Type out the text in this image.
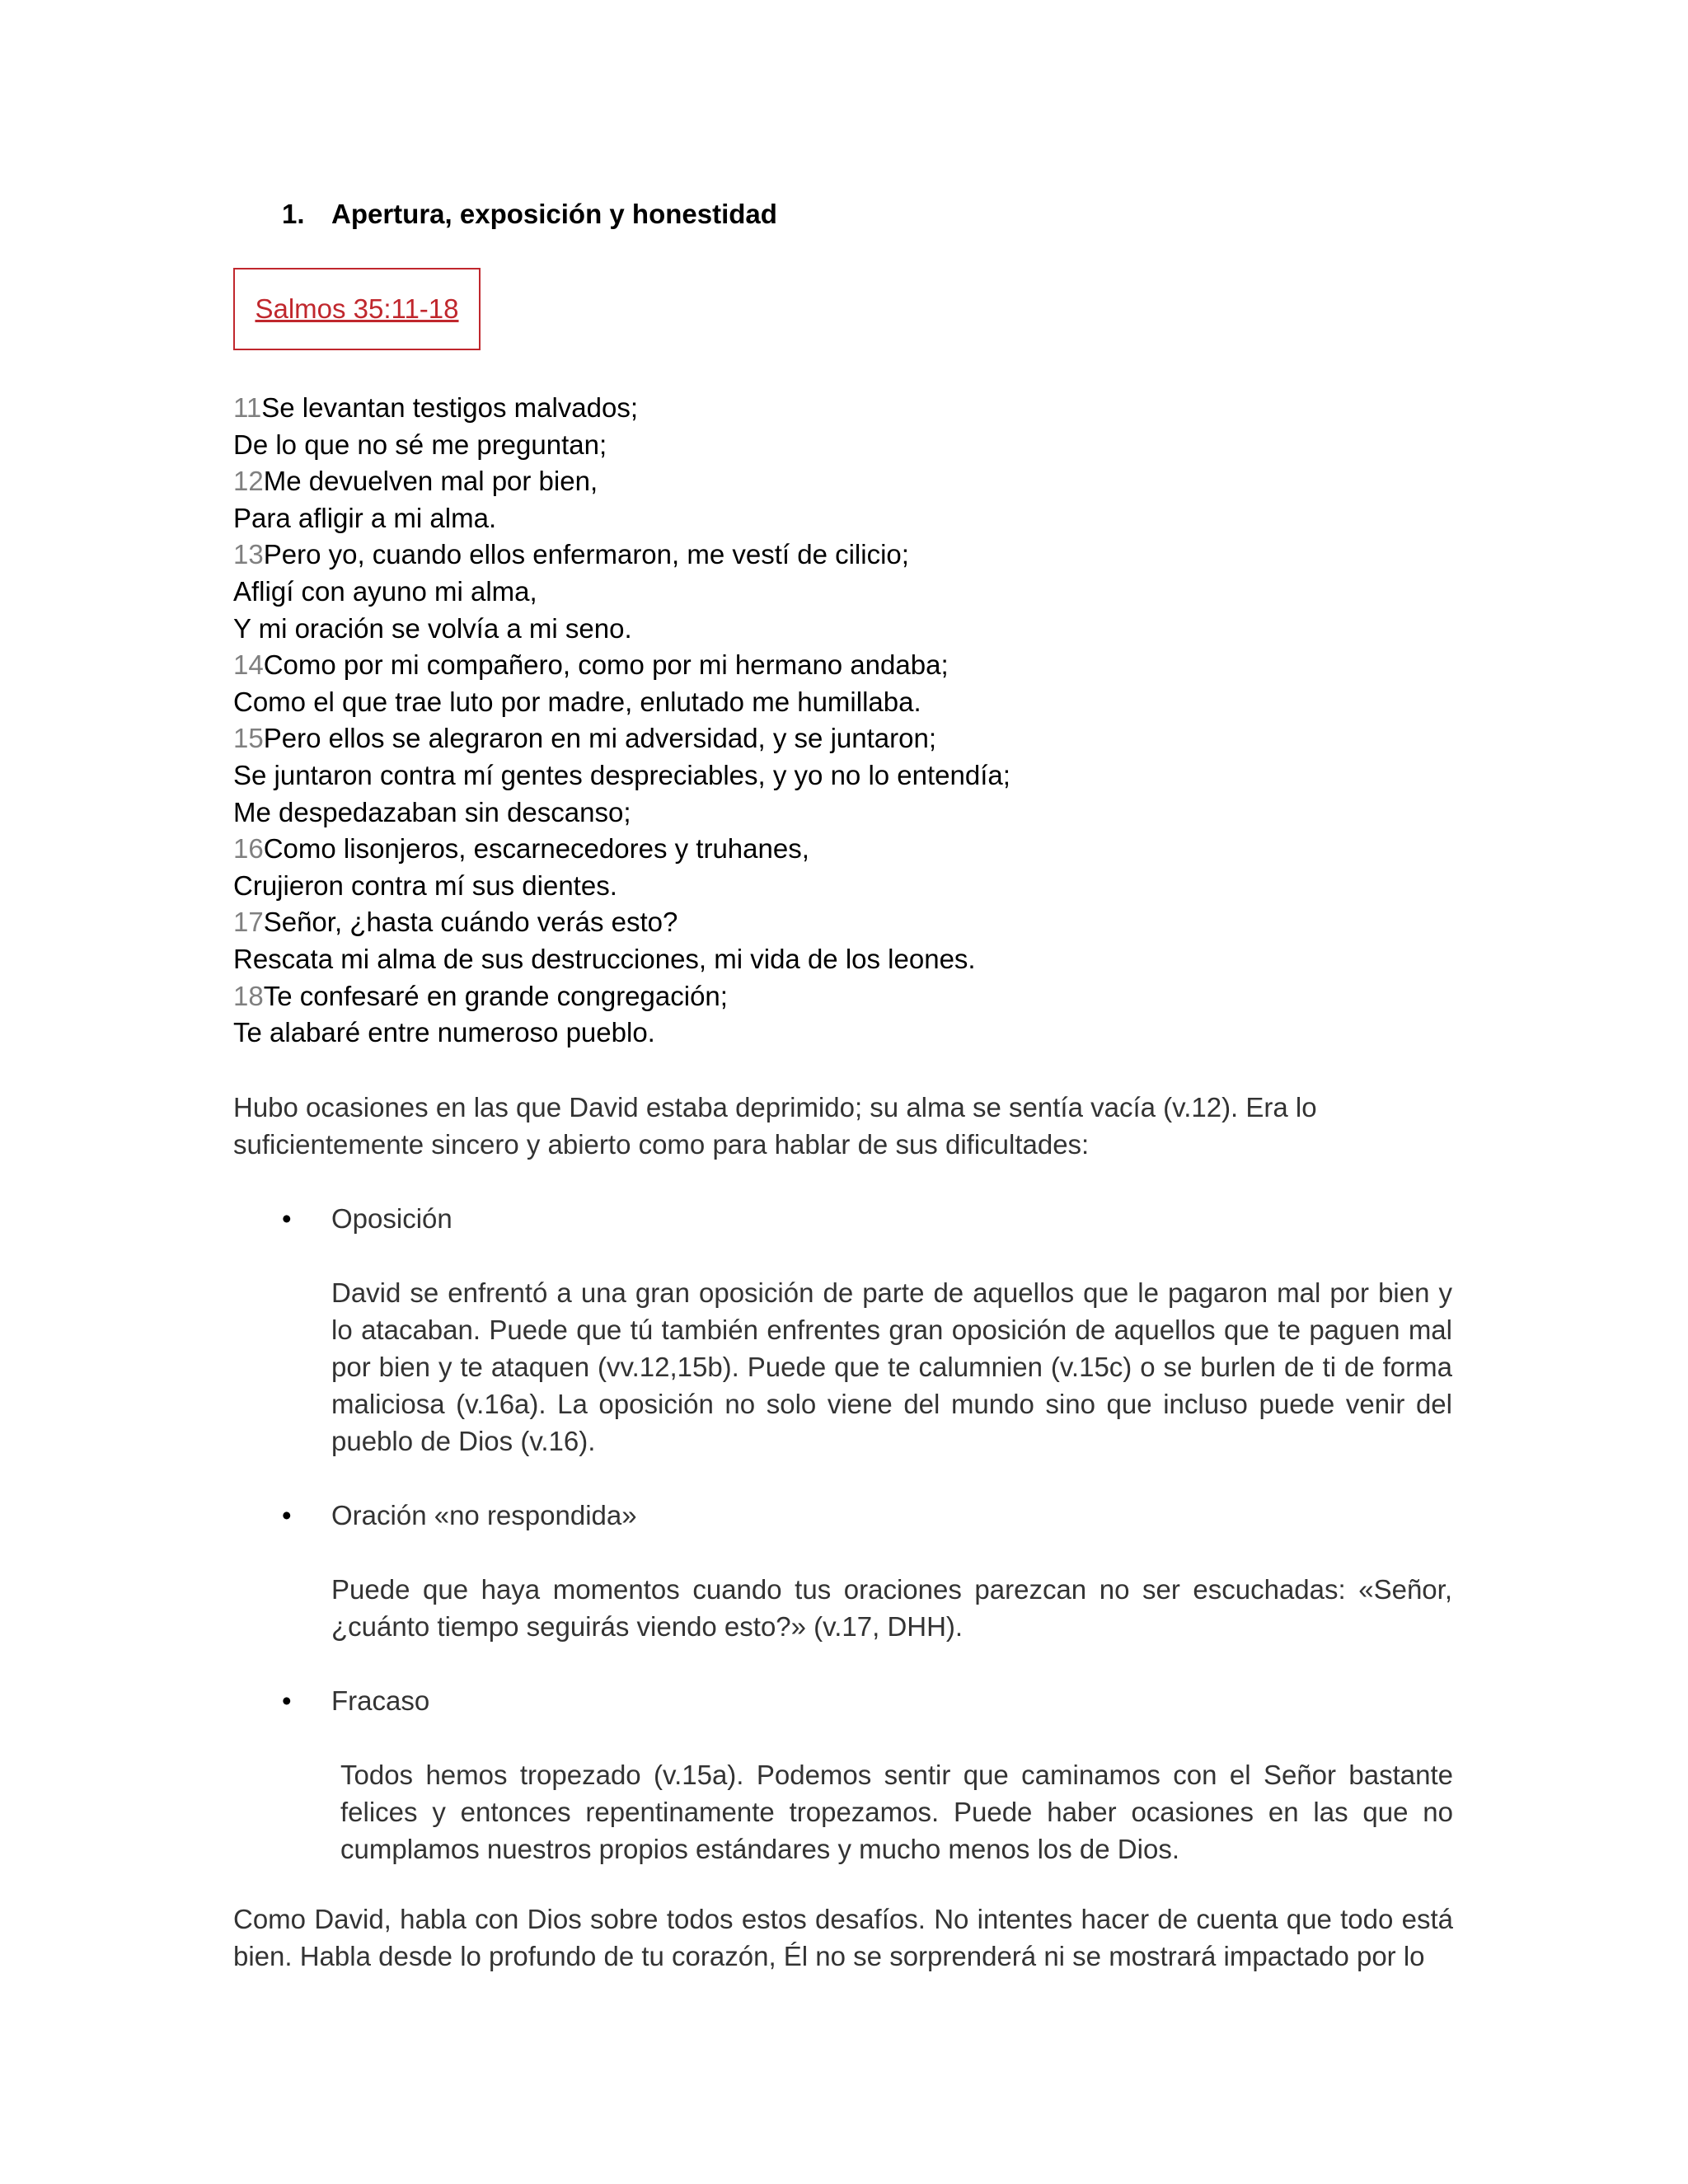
1. Apertura, exposición y honestidad
Salmos 35:11-18
11Se levantan testigos malvados;
De lo que no sé me preguntan;
12Me devuelven mal por bien,
Para afligir a mi alma.
13Pero yo, cuando ellos enfermaron, me vestí de cilicio;
Afligí con ayuno mi alma,
Y mi oración se volvía a mi seno.
14Como por mi compañero, como por mi hermano andaba;
Como el que trae luto por madre, enlutado me humillaba.
15Pero ellos se alegraron en mi adversidad, y se juntaron;
Se juntaron contra mí gentes despreciables, y yo no lo entendía;
Me despedazaban sin descanso;
16Como lisonjeros, escarnecedores y truhanes,
Crujieron contra mí sus dientes.
17Señor, ¿hasta cuándo verás esto?
Rescata mi alma de sus destrucciones, mi vida de los leones.
18Te confesaré en grande congregación;
Te alabaré entre numeroso pueblo.
Hubo ocasiones en las que David estaba deprimido; su alma se sentía vacía (v.12). Era lo suficientemente sincero y abierto como para hablar de sus dificultades:
• Oposición
David se enfrentó a una gran oposición de parte de aquellos que le pagaron mal por bien y lo atacaban. Puede que tú también enfrentes gran oposición de aquellos que te paguen mal por bien y te ataquen (vv.12,15b). Puede que te calumnien (v.15c) o se burlen de ti de forma maliciosa (v.16a). La oposición no solo viene del mundo sino que incluso puede venir del pueblo de Dios (v.16).
• Oración «no respondida»
Puede que haya momentos cuando tus oraciones parezcan no ser escuchadas: «Señor, ¿cuánto tiempo seguirás viendo esto?» (v.17, DHH).
• Fracaso
Todos hemos tropezado (v.15a). Podemos sentir que caminamos con el Señor bastante felices y entonces repentinamente tropezamos. Puede haber ocasiones en las que no cumplamos nuestros propios estándares y mucho menos los de Dios.
Como David, habla con Dios sobre todos estos desafíos. No intentes hacer de cuenta que todo está bien. Habla desde lo profundo de tu corazón, Él no se sorprenderá ni se mostrará impactado por lo
